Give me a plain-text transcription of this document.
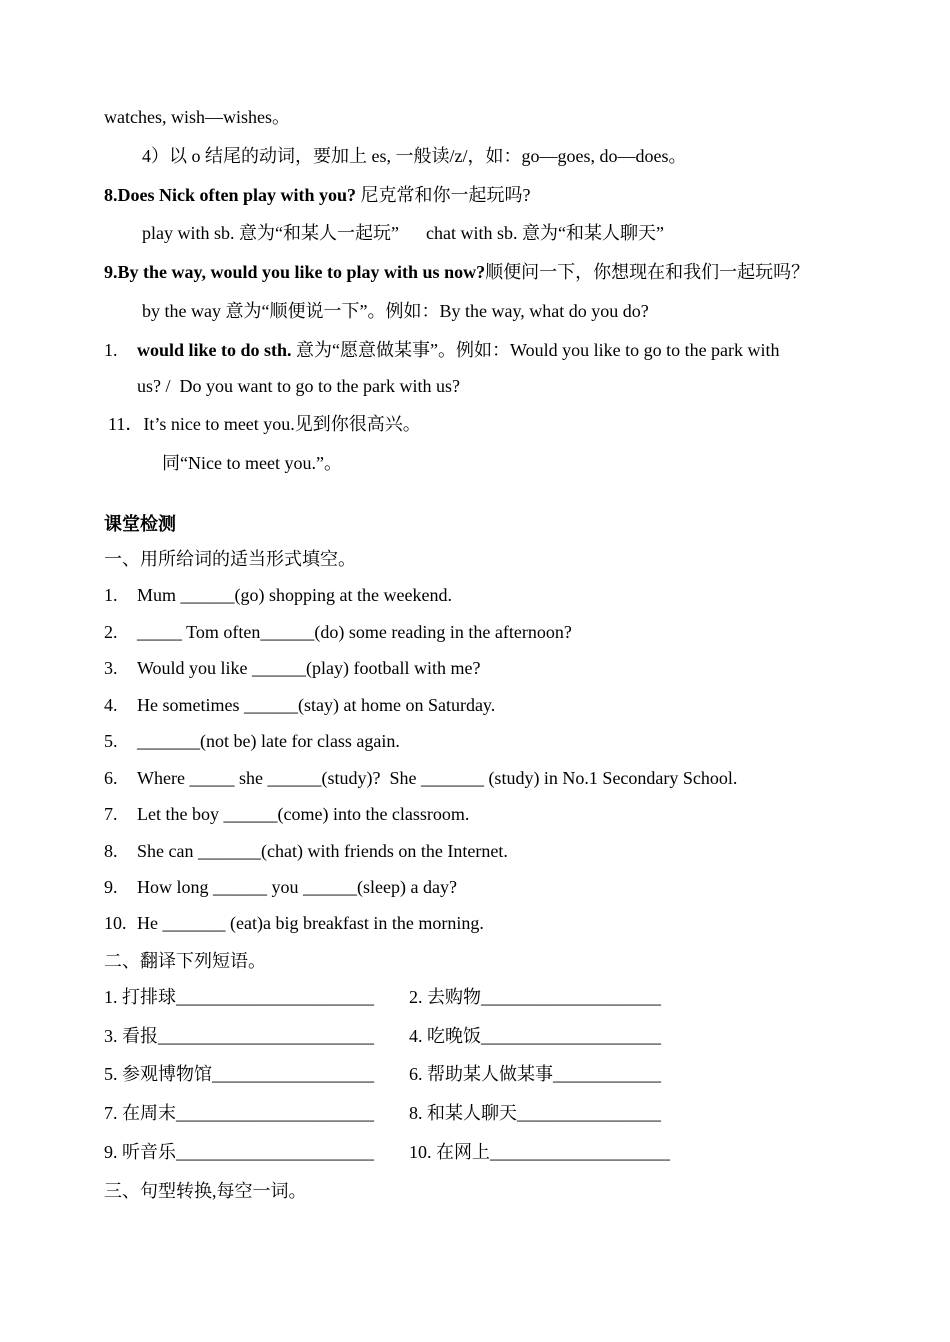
watches, wish—wishes。
4）以 o 结尾的动词，要加上 es, 一般读/z/，如：go—goes, do—does。
8.Does Nick often play with you? 尼克常和你一起玩吗?
play with sb. 意为“和某人一起玩”      chat with sb. 意为“和某人聊天”
9.By the way, would you like to play with us now?顺便问一下，你想现在和我们一起玩吗？
by the way 意为“顺便说一下”。例如：By the way, what do you do?
1. would like to do sth. 意为“愿意做某事”。例如：Would you like to go to the park with
us? /  Do you want to go to the park with us?
11．It’s nice to meet you.见到你很高兴。
同“Nice to meet you.”。
课堂检测
一、用所给词的适当形式填空。
1. Mum ______(go) shopping at the weekend.
2. _____ Tom often______(do) some reading in the afternoon?
3. Would you like ______(play) football with me?
4. He sometimes ______(stay) at home on Saturday.
5. _______(not be) late for class again.
6. Where _____ she ______(study)?  She _______ (study) in No.1 Secondary School.
7. Let the boy ______(come) into the classroom.
8. She can _______(chat) with friends on the Internet.
9. How long ______ you ______(sleep) a day?
10. He _______ (eat)a big breakfast in the morning.
二、翻译下列短语。
1. 打排球______________________ 2. 去购物____________________
3. 看报________________________ 4. 吃晚饭____________________
5. 参观博物馆__________________ 6. 帮助某人做某事____________
7. 在周末______________________ 8. 和某人聊天________________
9. 听音乐______________________ 10. 在网上____________________
三、句型转换,每空一词。
